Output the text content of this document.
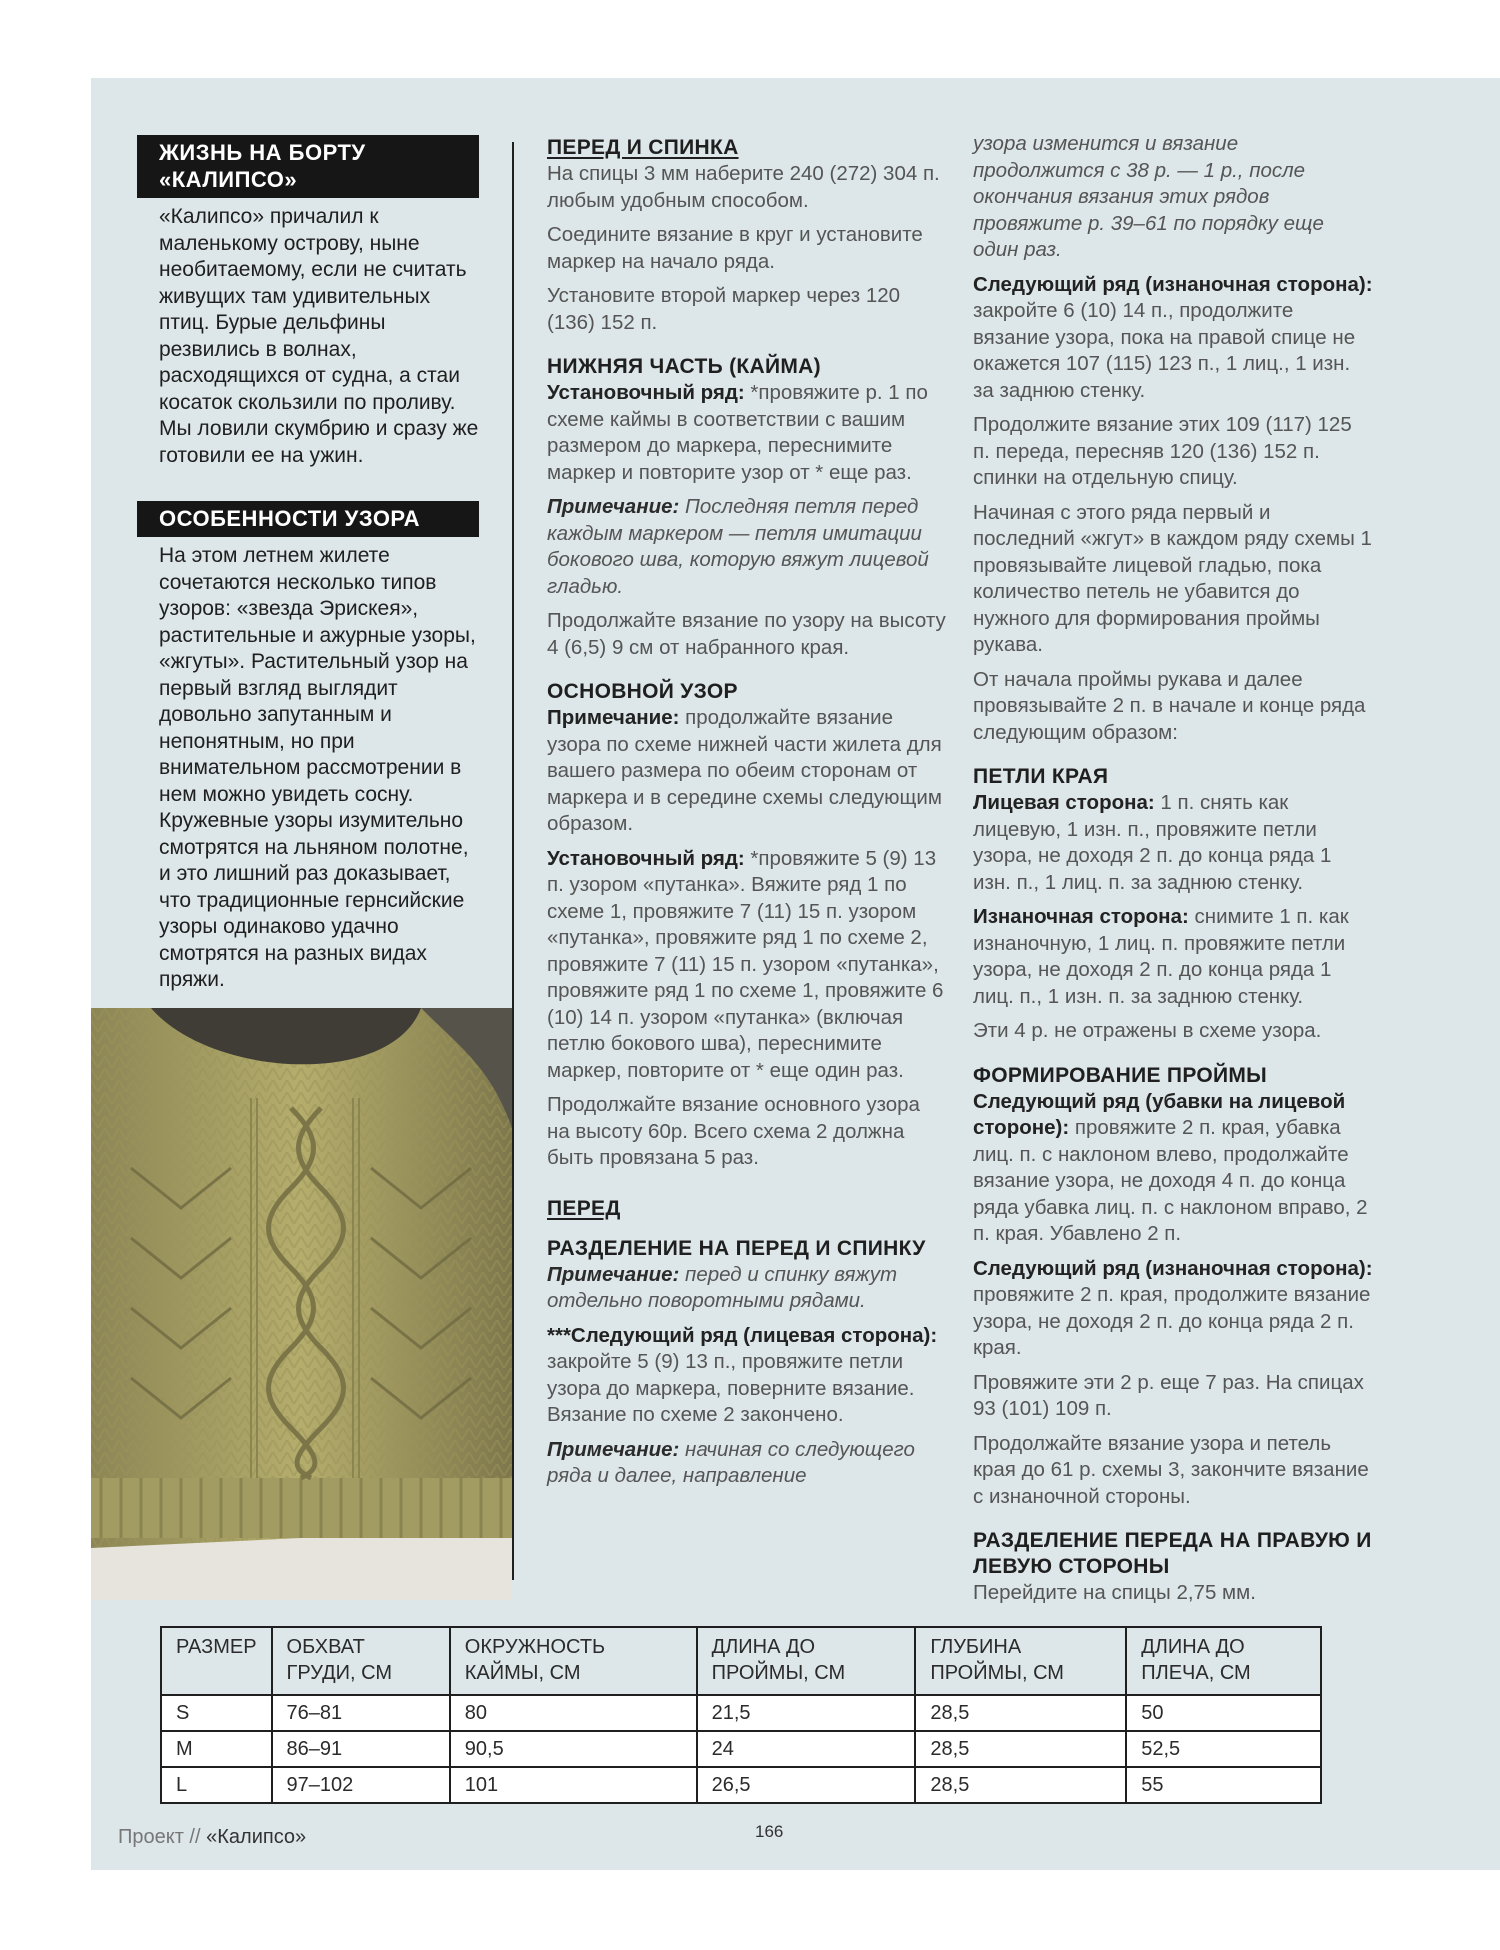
ЖИЗНЬ НА БОРТУ «КАЛИПСО»

«Калипсо» причалил к маленькому острову, ныне необитаемому, если не считать живущих там удивительных птиц. Бурые дельфины резвились в волнах, расходящихся от судна, а стаи косаток скользили по проливу. Мы ловили скумбрию и сразу же готовили ее на ужин.

ОСОБЕННОСТИ УЗОРА

На этом летнем жилете сочетаются несколько типов узоров: «звезда Эрискея», растительные и ажурные узоры, «жгуты». Растительный узор на первый взгляд выглядит довольно запутанным и непонятным, но при внимательном рассмотрении в нем можно увидеть сосну. Кружевные узоры изумительно смотрятся на льняном полотне, и это лишний раз доказывает, что традиционные гернсийские узоры одинаково удачно смотрятся на разных видах пряжи.

ПЕРЕД И СПИНКА

На спицы 3 мм наберите 240 (272) 304 п. любым удобным способом.

Соедините вязание в круг и установите маркер на начало ряда.

Установите второй маркер через 120 (136) 152 п.

НИЖНЯЯ ЧАСТЬ (КАЙМА)

Установочный ряд: *провяжите р. 1 по схеме каймы в соответствии с вашим размером до маркера, переснимите маркер и повторите узор от * еще раз.

Примечание: Последняя петля перед каждым маркером — петля имитации бокового шва, которую вяжут лицевой гладью.

Продолжайте вязание по узору на высоту 4 (6,5) 9 см от набранного края.

ОСНОВНОЙ УЗОР

Примечание: продолжайте вязание узора по схеме нижней части жилета для вашего размера по обеим сторонам от маркера и в середине схемы следующим образом.

Установочный ряд: *провяжите 5 (9) 13 п. узором «путанка». Вяжите ряд 1 по схеме 1, провяжите 7 (11) 15 п. узором «путанка», провяжите ряд 1 по схеме 2, провяжите 7 (11) 15 п. узором «путанка», провяжите ряд 1 по схеме 1, провяжите 6 (10) 14 п. узором «путанка» (включая петлю бокового шва), переснимите маркер, повторите от * еще один раз.

Продолжайте вязание основного узора на высоту 60р. Всего схема 2 должна быть провязана 5 раз.

ПЕРЕД
РАЗДЕЛЕНИЕ НА ПЕРЕД И СПИНКУ

Примечание: перед и спинку вяжут отдельно поворотными рядами.

***Следующий ряд (лицевая сторона): закройте 5 (9) 13 п., провяжите петли узора до маркера, поверните вязание. Вязание по схеме 2 закончено.

Примечание: начиная со следующего ряда и далее, направление

узора изменится и вязание продолжится с 38 р. — 1 р., после окончания вязания этих рядов провяжите р. 39–61 по порядку еще один раз.

Следующий ряд (изнаночная сторона): закройте 6 (10) 14 п., продолжите вязание узора, пока на правой спице не окажется 107 (115) 123 п., 1 лиц., 1 изн. за заднюю стенку.

Продолжите вязание этих 109 (117) 125 п. переда, пересняв 120 (136) 152 п. спинки на отдельную спицу.

Начиная с этого ряда первый и последний «жгут» в каждом ряду схемы 1 провязывайте лицевой гладью, пока количество петель не убавится до нужного для формирования проймы рукава.

От начала проймы рукава и далее провязывайте 2 п. в начале и конце ряда следующим образом:

ПЕТЛИ КРАЯ

Лицевая сторона: 1 п. снять как лицевую, 1 изн. п., провяжите петли узора, не доходя 2 п. до конца ряда 1 изн. п., 1 лиц. п. за заднюю стенку.

Изнаночная сторона: снимите 1 п. как изнаночную, 1 лиц. п. провяжите петли узора, не доходя 2 п. до конца ряда 1 лиц. п., 1 изн. п. за заднюю стенку.

Эти 4 р. не отражены в схеме узора.

ФОРМИРОВАНИЕ ПРОЙМЫ

Следующий ряд (убавки на лицевой стороне): провяжите 2 п. края, убавка лиц. п. с наклоном влево, продолжайте вязание узора, не доходя 4 п. до конца ряда убавка лиц. п. с наклоном вправо, 2 п. края. Убавлено 2 п.

Следующий ряд (изнаночная сторона): провяжите 2 п. края, продолжите вязание узора, не доходя 2 п. до конца ряда 2 п. края.

Провяжите эти 2 р. еще 7 раз. На спицах 93 (101) 109 п.

Продолжайте вязание узора и петель края до 61 р. схемы 3, закончите вязание с изнаночной стороны.

РАЗДЕЛЕНИЕ ПЕРЕДА НА ПРАВУЮ И ЛЕВУЮ СТОРОНЫ

Перейдите на спицы 2,75 мм.

РАЗМЕР	ОБХВАТ ГРУДИ, СМ	ОКРУЖНОСТЬ КАЙМЫ, СМ	ДЛИНА ДО ПРОЙМЫ, СМ	ГЛУБИНА ПРОЙМЫ, СМ	ДЛИНА ДО ПЛЕЧА, СМ
S	76–81	80	21,5	28,5	50
M	86–91	90,5	24	28,5	52,5
L	97–102	101	26,5	28,5	55
Проект // «Калипсо»	166
